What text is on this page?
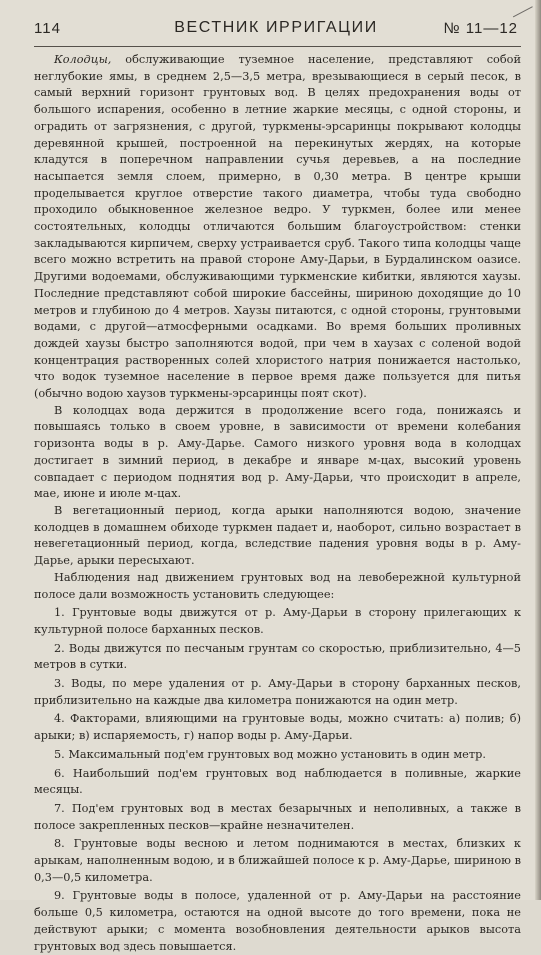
114	ВЕСТНИК ИРРИГАЦИИ	№ 11—12

Колодцы, обслуживающие туземное население, представляют собой неглубокие ямы, в среднем 2,5—3,5 метра, врезывающиеся в серый песок, в самый верхний горизонт грунтовых вод. В целях предохранения воды от большого испарения, особенно в летние жаркие месяцы, с одной стороны, и оградить от загрязнения, с другой, туркмены-эрсаринцы покрывают колодцы деревянной крышей, построенной на перекинутых жердях, на которые кладутся в поперечном направлении сучья деревьев, а на последние насыпается земля слоем, примерно, в 0,30 метра. В центре крыши проделывается круглое отверстие такого диаметра, чтобы туда свободно проходило обыкновенное железное ведро. У туркмен, более или менее состоятельных, колодцы отличаются большим благоустройством: стенки закладываются кирпичем, сверху устраивается сруб. Такого типа колодцы чаще всего можно встретить на правой стороне Аму-Дарьи, в Бурдалинском оазисе. Другими водоемами, обслуживающими туркменские кибитки, являются хаузы. Последние представляют собой широкие бассейны, шириною доходящие до 10 метров и глубиною до 4 метров. Хаузы питаются, с одной стороны, грунтовыми водами, с другой—атмосферными осадками. Во время больших проливных дождей хаузы быстро заполняются водой, при чем в хаузах с соленой водой концентрация растворенных солей хлористого натрия понижается настолько, что водок туземное население в первое время даже пользуется для питья (обычно водою хаузов туркмены-эрсаринцы поят скот).

В колодцах вода держится в продолжение всего года, понижаясь и повышаясь только в своем уровне, в зависимости от времени колебания горизонта воды в р. Аму-Дарье. Самого низкого уровня вода в колодцах достигает в зимний период, в декабре и январе м-цах, высокий уровень совпадает с периодом поднятия вод р. Аму-Дарьи, что происходит в апреле, мае, июне и июле м-цах.

В вегетационный период, когда арыки наполняются водою, значение колодцев в домашнем обиходе туркмен падает и, наоборот, сильно возрастает в невегетационный период, когда, вследствие падения уровня воды в р. Аму-Дарье, арыки пересыхают.

Наблюдения над движением грунтовых вод на левобережной культурной полосе дали возможность установить следующее:

1. Грунтовые воды движутся от р. Аму-Дарьи в сторону прилегающих к культурной полосе барханных песков.

2. Воды движутся по песчаным грунтам со скоростью, приблизительно, 4—5 метров в сутки.

3. Воды, по мере удаления от р. Аму-Дарьи в сторону барханных песков, приблизительно на каждые два километра понижаются на один метр.

4. Факторами, влияющими на грунтовые воды, можно считать: а) полив; б) арыки; в) испаряемость, г) напор воды р. Аму-Дарьи.

5. Максимальный под'ем грунтовых вод можно установить в один метр.

6. Наибольший под'ем грунтовых вод наблюдается в поливные, жаркие месяцы.

7. Под'ем грунтовых вод в местах безарычных и неполивных, а также в полосе закрепленных песков—крайне незначителен.

8. Грунтовые воды весною и летом поднимаются в местах, близких к арыкам, наполненным водою, и в ближайшей полосе к р. Аму-Дарье, шириною в 0,3—0,5 километра.

9. Грунтовые воды в полосе, удаленной от р. Аму-Дарьи на расстояние больше 0,5 километра, остаются на одной высоте до того времени, пока не действуют арыки; с момента возобновления деятельности арыков высота грунтовых вод здесь повышается.
